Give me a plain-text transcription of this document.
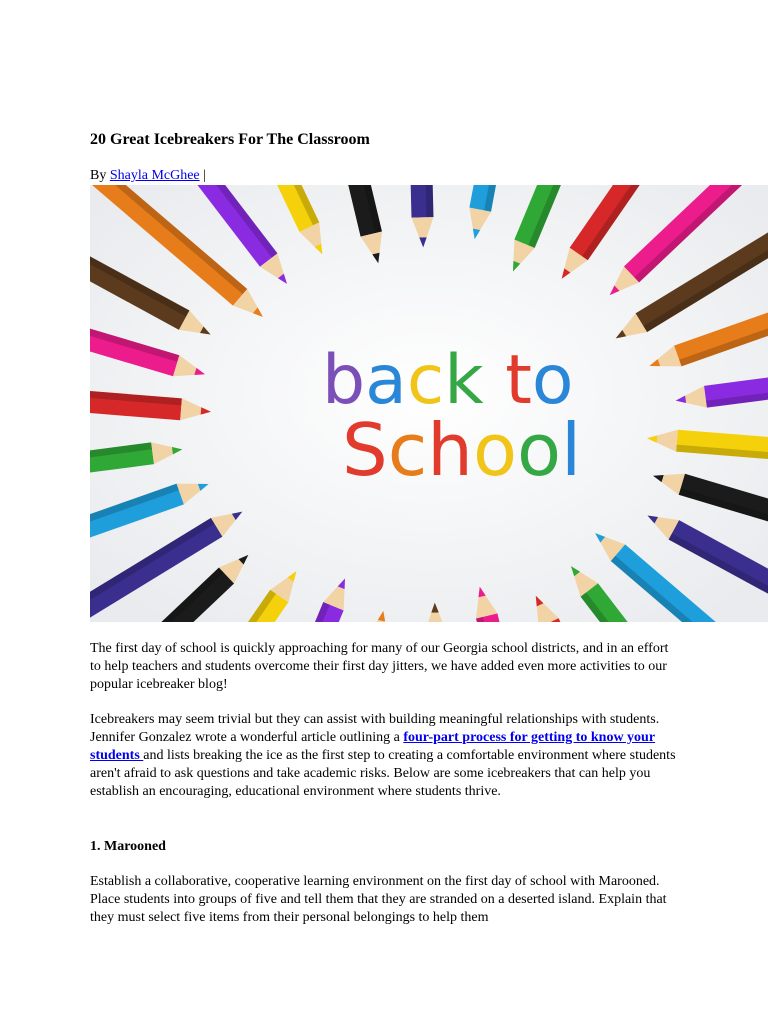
20 Great Icebreakers For The Classroom

By Shayla McGhee |

back to
School

The first day of school is quickly approaching for many of our Georgia school districts, and in an effort to help teachers and students overcome their first day jitters, we have added even more activities to our popular icebreaker blog!

Icebreakers may seem trivial but they can assist with building meaningful relationships with students. Jennifer Gonzalez wrote a wonderful article outlining a four-part process for getting to know your students and lists breaking the ice as the first step to creating a comfortable environment where students aren't afraid to ask questions and take academic risks. Below are some icebreakers that can help you establish an encouraging, educational environment where students thrive.

1. Marooned

Establish a collaborative, cooperative learning environment on the first day of school with Marooned. Place students into groups of five and tell them that they are stranded on a deserted island. Explain that they must select five items from their personal belongings to help them
